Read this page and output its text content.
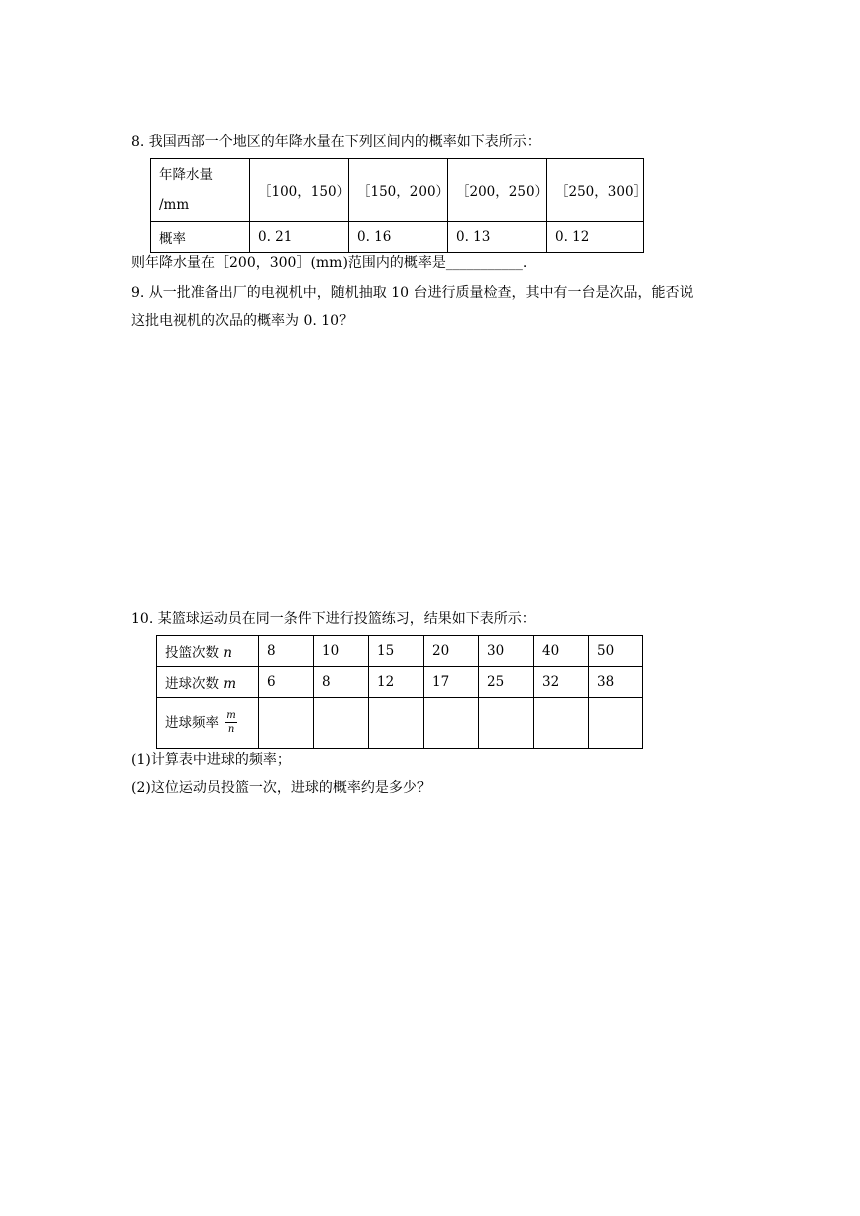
8. 我国西部一个地区的年降水量在下列区间内的概率如下表所示：
年降水量
/mm	［100，150）	［150，200）	［200，250）	［250，300］
概率	0. 21	0. 16	0. 13	0. 12
则年降水量在［200，300］(mm)范围内的概率是___________.
9. 从一批准备出厂的电视机中，随机抽取 10 台进行质量检查，其中有一台是次品，能否说
这批电视机的次品的概率为 0. 10？
10. 某篮球运动员在同一条件下进行投篮练习，结果如下表所示：
投篮次数 n	8	10	15	20	30	40	50
进球次数 m	6	8	12	17	25	32	38
进球频率 $\frac{m}{n}$

(1)计算表中进球的频率；
(2)这位运动员投篮一次，进球的概率约是多少？
